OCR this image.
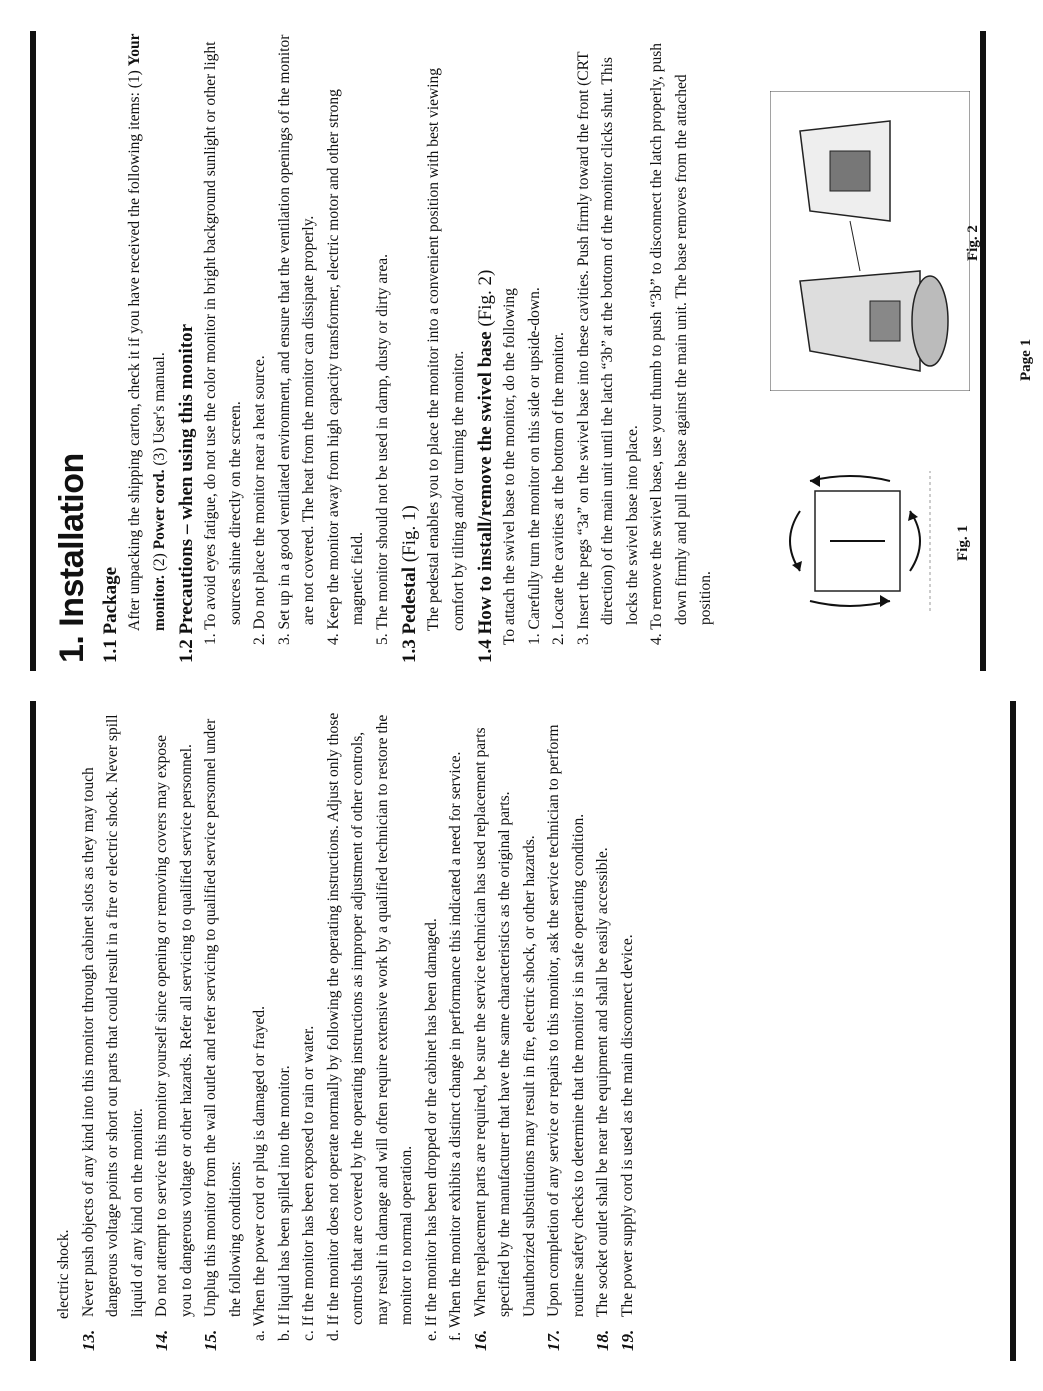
electric shock.

13.

Never push objects of any kind into this monitor through cabinet slots as they may touch dangerous voltage points or short out parts that could result in a fire or electric shock. Never spill liquid of any kind on the monitor.

14.

Do not attempt to service this monitor yourself since opening or removing covers may expose you to dangerous voltage or other hazards. Refer all servicing to qualified service personnel.

15.

Unplug this monitor from the wall outlet and refer servicing to qualified service personnel under the following conditions:

a.When the power cord or plug is damaged or frayed.

b.If liquid has been spilled into the monitor.

c.If the monitor has been exposed to rain or water.

d.If the monitor does not operate normally by following the operating instructions. Adjust only those controls that are covered by the operating instructions as improper adjustment of other controls, may result in damage and will often require extensive work by a qualified technician to restore the monitor to normal operation.

e.If the monitor has been dropped or the cabinet has been damaged.

f.When the monitor exhibits a distinct change in performance this indicated a need for service.

16.

When replacement parts are required, be sure the service technician has used replacement parts specified by the manufacturer that have the same characteristics as the original parts. Unauthorized substitutions may result in fire, electric shock, or other hazards.

17.

Upon completion of any service or repairs to this monitor, ask the service technician to perform routine safety checks to determine that the monitor is in safe operating condition.

18.

The socket outlet shall be near the equipment and shall be easily accessible.

19.

The power supply cord is used as the main disconnect device.

1. Installation 1.1 Package After unpacking the shipping carton, check it if you have received the following items: (1) Your monitor. (2) Power cord. (3) User's manual. 1.2 Precautions – when using this monitor 1. To avoid eyes fatigue, do not use the color monitor in bright background sunlight or other light sources shine directly on the screen. 2. Do not place the monitor near a heat source. 3. Set up in a good ventilated environment, and ensure that the ventilation openings of the monitor are not covered. The heat from the monitor can dissipate properly. 4. Keep the monitor away from high capacity transformer, electric motor and other strong magnetic field. 5. The monitor should not be used in damp, dusty or dirty area. 1.3 Pedestal (Fig. 1) The pedestal enables you to place the monitor into a convenient position with best viewing comfort by tilting and/or turning the monitor. 1.4 How to install/remove the swivel base (Fig. 2) To attach the swivel base to the monitor, do the following 1. Carefully turn the monitor on this side or upside-down. 2. Locate the cavities at the bottom of the monitor. 3. Insert the pegs “3a” on the swivel base into these cavities. Push firmly toward the front (CRT direction) of the main unit until the latch “3b” at the bottom of the monitor clicks shut. This locks the swivel base into place. 4. To remove the swivel base, use your thumb to push “3b” to disconnect the latch properly, push down firmly and pull the base against the main unit. The base removes from the attached position.

Fig. 1
Fig. 2
Page 1
